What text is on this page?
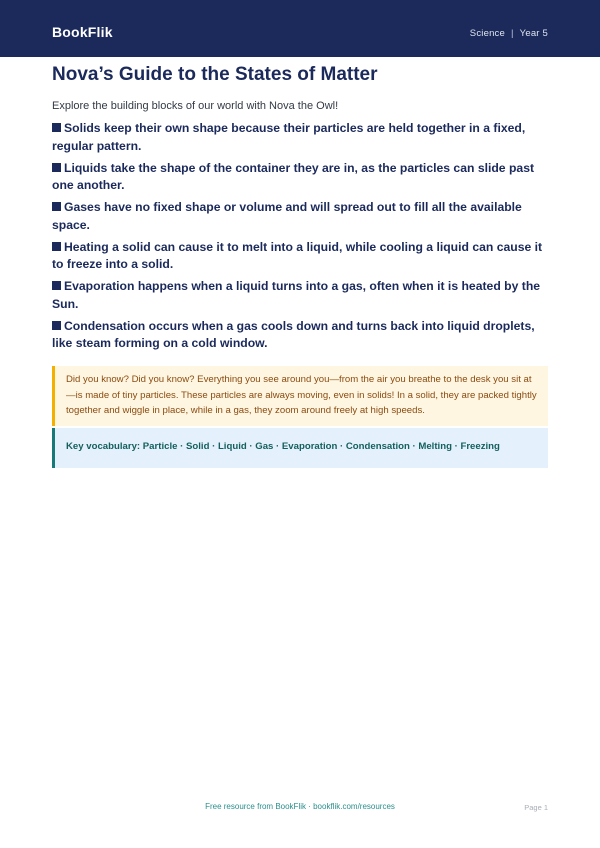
BookFlik	Science | Year 5
Nova’s Guide to the States of Matter

Explore the building blocks of our world with Nova the Owl!

Solids keep their own shape because their particles are held together in a fixed, regular pattern.
Liquids take the shape of the container they are in, as the particles can slide past one another.
Gases have no fixed shape or volume and will spread out to fill all the available space.
Heating a solid can cause it to melt into a liquid, while cooling a liquid can cause it to freeze into a solid.
Evaporation happens when a liquid turns into a gas, often when it is heated by the Sun.
Condensation occurs when a gas cools down and turns back into liquid droplets, like steam forming on a cold window.

Did you know? Did you know? Everything you see around you—from the air you breathe to the desk you sit at—is made of tiny particles. These particles are always moving, even in solids! In a solid, they are packed tightly together and wiggle in place, while in a gas, they zoom around freely at high speeds.

Key vocabulary: Particle · Solid · Liquid · Gas · Evaporation · Condensation · Melting · Freezing
Free resource from BookFlik · bookflik.com/resources	Page 1
